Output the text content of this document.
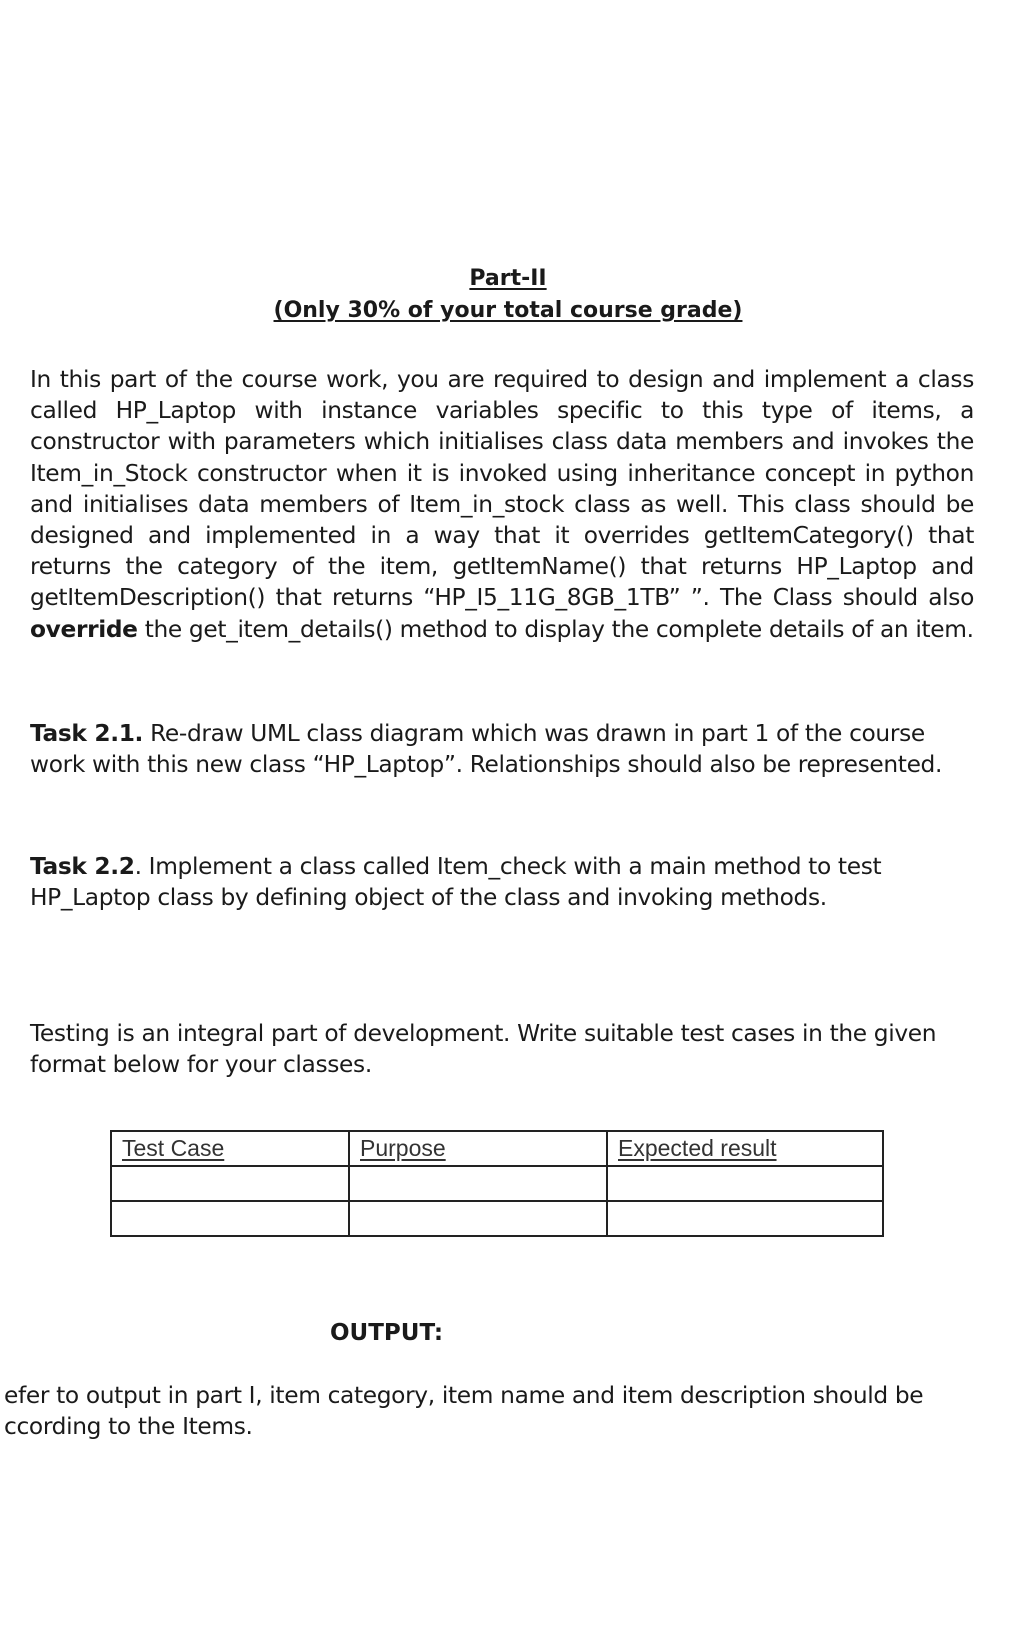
Part-II
(Only 30% of your total course grade)
In this part of the course work, you are required to design and implement a class called HP_Laptop with instance variables specific to this type of items, a constructor with parameters which initialises class data members and invokes the Item_in_Stock constructor when it is invoked using inheritance concept in python and initialises data members of Item_in_stock class as well. This class should be designed and implemented in a way that it overrides getItemCategory() that returns the category of the item, getItemName() that returns HP_Laptop and getItemDescription() that returns “HP_I5_11G_8GB_1TB” ”. The Class should also override the get_item_details() method to display the complete details of an item.
Task 2.1. Re-draw UML class diagram which was drawn in part 1 of the course work with this new class “HP_Laptop”. Relationships should also be represented.
Task 2.2. Implement a class called Item_check with a main method to test HP_Laptop class by defining object of the class and invoking methods.
Testing is an integral part of development. Write suitable test cases in the given format below for your classes.
Test Case	Purpose	Expected result

OUTPUT:
efer to output in part I, item category, item name and item description should be ccording to the Items.
